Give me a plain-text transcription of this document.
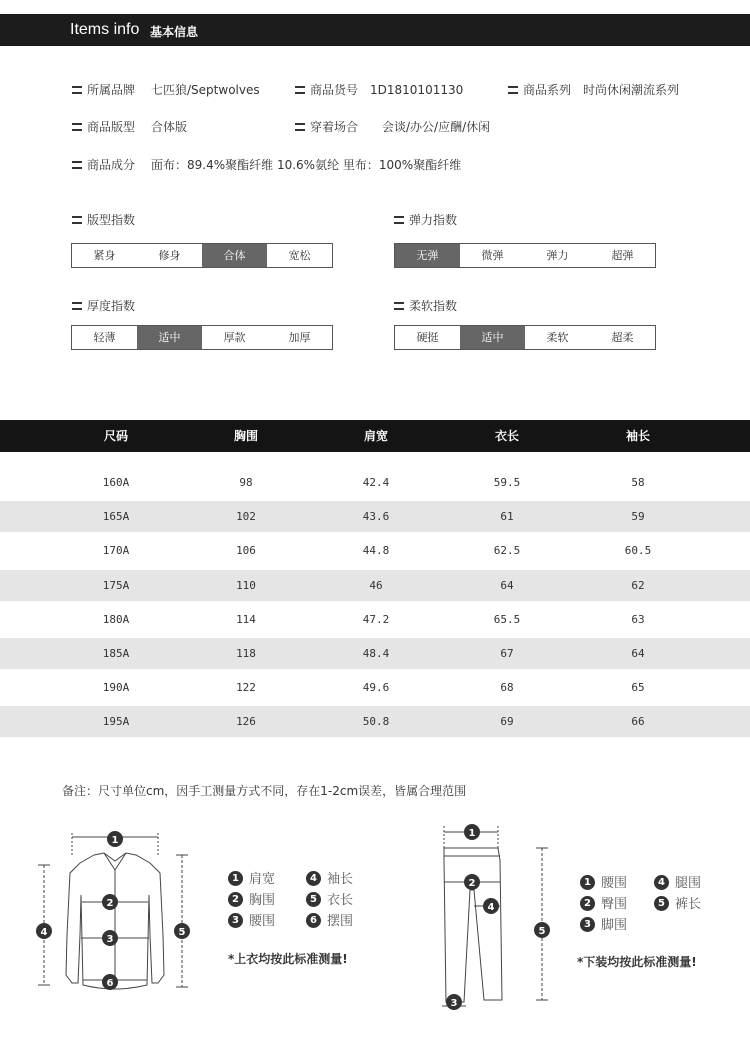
Items info 基本信息
所属品牌 七匹狼/Septwolves	商品货号 1D1810101130	商品系列 时尚休闲潮流系列
商品版型 合体版	穿着场合 会谈/办公/应酬/休闲
商品成分 面布：89.4%聚酯纤维 10.6%氨纶 里布：100%聚酯纤维
版型指数
紧身	修身	合体	宽松
弹力指数
无弹	微弹	弹力	超弹
厚度指数
轻薄	适中	厚款	加厚
柔软指数
硬挺	适中	柔软	超柔
尺码	胸围	肩宽	衣长	袖长
160A	98	42.4	59.5	58
165A	102	43.6	61	59
170A	106	44.8	62.5	60.5
175A	110	46	64	62
180A	114	47.2	65.5	63
185A	118	48.4	67	64
190A	122	49.6	68	65
195A	126	50.8	69	66
备注：尺寸单位cm，因手工测量方式不同，存在1-2cm误差，皆属合理范围
1
2
3
4	5
6
1 肩宽	4 袖长
2 胸围	5 衣长
3 腰围	6 摆围
*上衣均按此标准测量!
1
2
3
4
5
1 腰围	4 腿围
2 臀围	5 裤长
3 脚围
*下装均按此标准测量!
